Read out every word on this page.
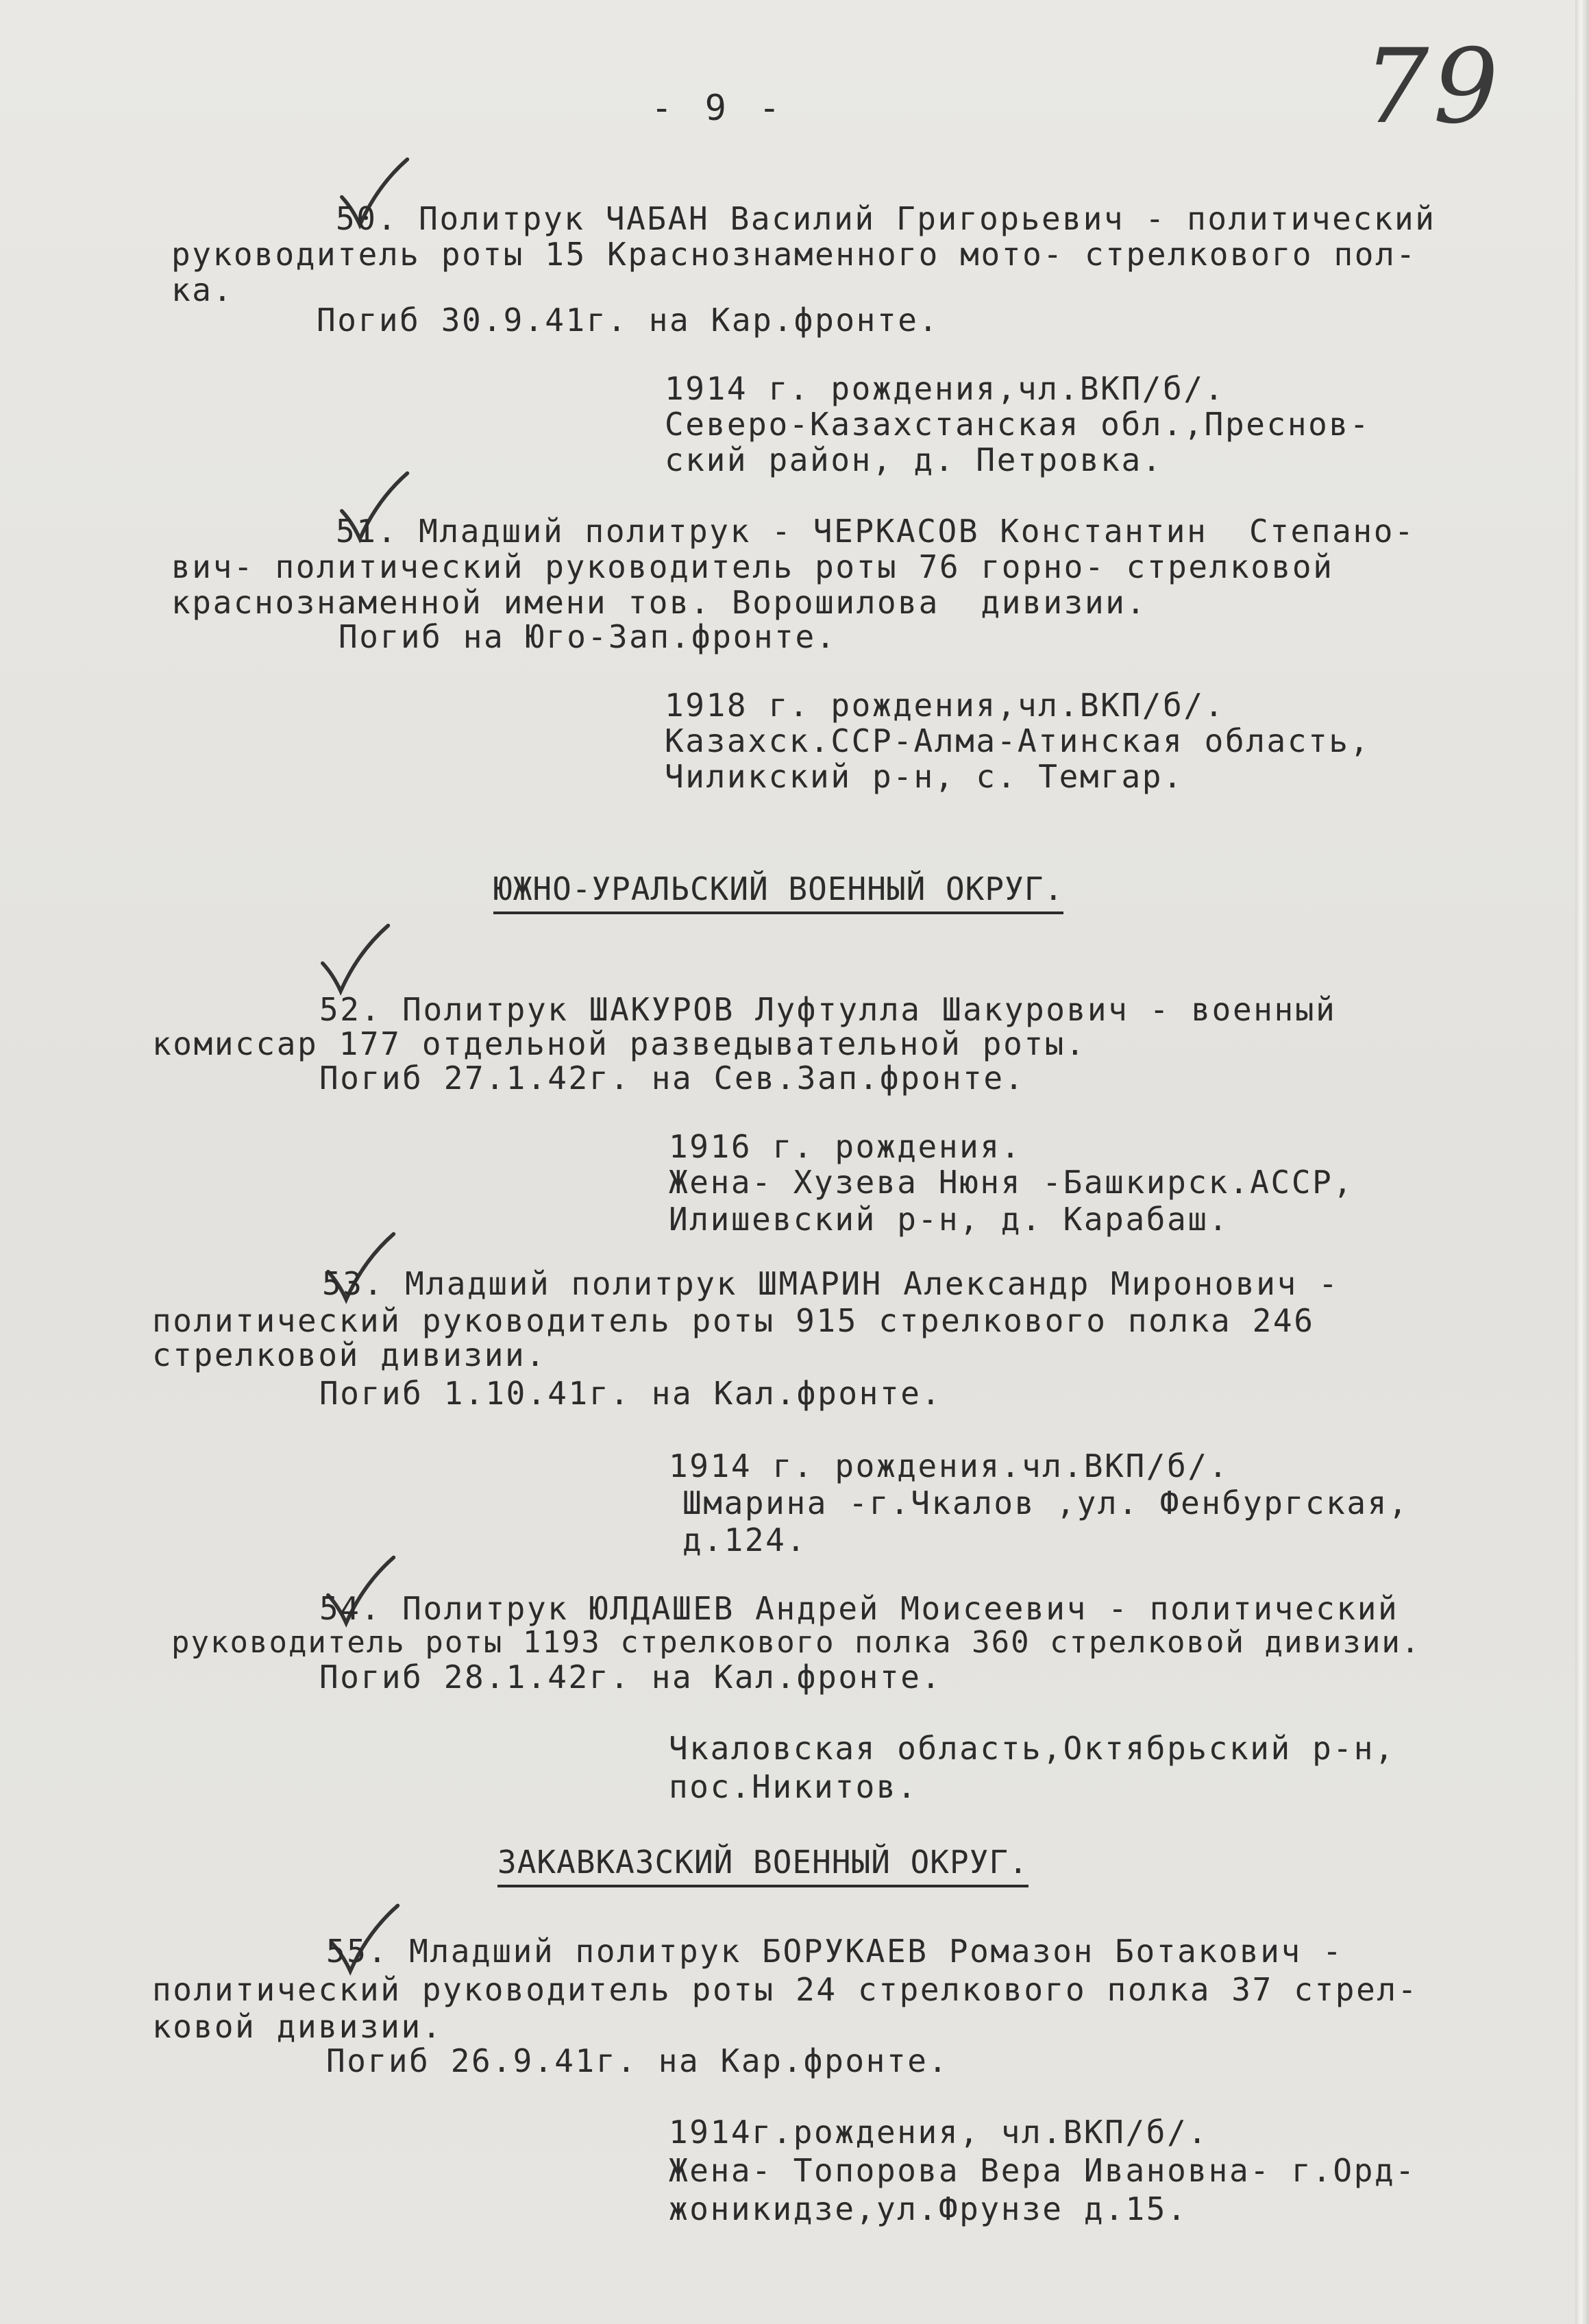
79
- 9 -
50. Политрук ЧАБАН Василий Григорьевич - политический
руководитель роты 15 Краснознаменного мото- стрелкового пол-
ка.
Погиб 30.9.41г. на Кар.фронте.
1914 г. рождения,чл.ВКП/б/.
Северо-Казахстанская обл.,Преснов-
ский район, д. Петровка.
51. Младший политрук - ЧЕРКАСОВ Константин  Степано-
вич- политический руководитель роты 76 горно- стрелковой
краснознаменной имени тов. Ворошилова  дивизии.
Погиб на Юго-Зап.фронте.
1918 г. рождения,чл.ВКП/б/.
Казахск.ССР-Алма-Атинская область,
Чиликский р-н, с. Темгар.
ЮЖНО-УРАЛЬСКИЙ ВОЕННЫЙ ОКРУГ.
52. Политрук ШАКУРОВ Луфтулла Шакурович - военный
комиссар 177 отдельной разведывательной роты.
Погиб 27.1.42г. на Сев.Зап.фронте.
1916 г. рождения.
Жена- Хузева Нюня -Башкирск.АССР,
Илишевский р-н, д. Карабаш.
53. Младший политрук ШМАРИН Александр Миронович -
политический руководитель роты 915 стрелкового полка 246
стрелковой дивизии.
Погиб 1.10.41г. на Кал.фронте.
1914 г. рождения.чл.ВКП/б/.
Шмарина -г.Чкалов ,ул. Фенбургская,
д.124.
54. Политрук ЮЛДАШЕВ Андрей Моисеевич - политический
руководитель роты 1193 стрелкового полка 360 стрелковой дивизии.
Погиб 28.1.42г. на Кал.фронте.
Чкаловская область,Октябрьский р-н,
пос.Никитов.
ЗАКАВКАЗСКИЙ ВОЕННЫЙ ОКРУГ.
55. Младший политрук БОРУКАЕВ Ромазон Ботакович -
политический руководитель роты 24 стрелкового полка 37 стрел-
ковой дивизии.
Погиб 26.9.41г. на Кар.фронте.
1914г.рождения, чл.ВКП/б/.
Жена- Топорова Вера Ивановна- г.Орд-
жоникидзе,ул.Фрунзе д.15.
